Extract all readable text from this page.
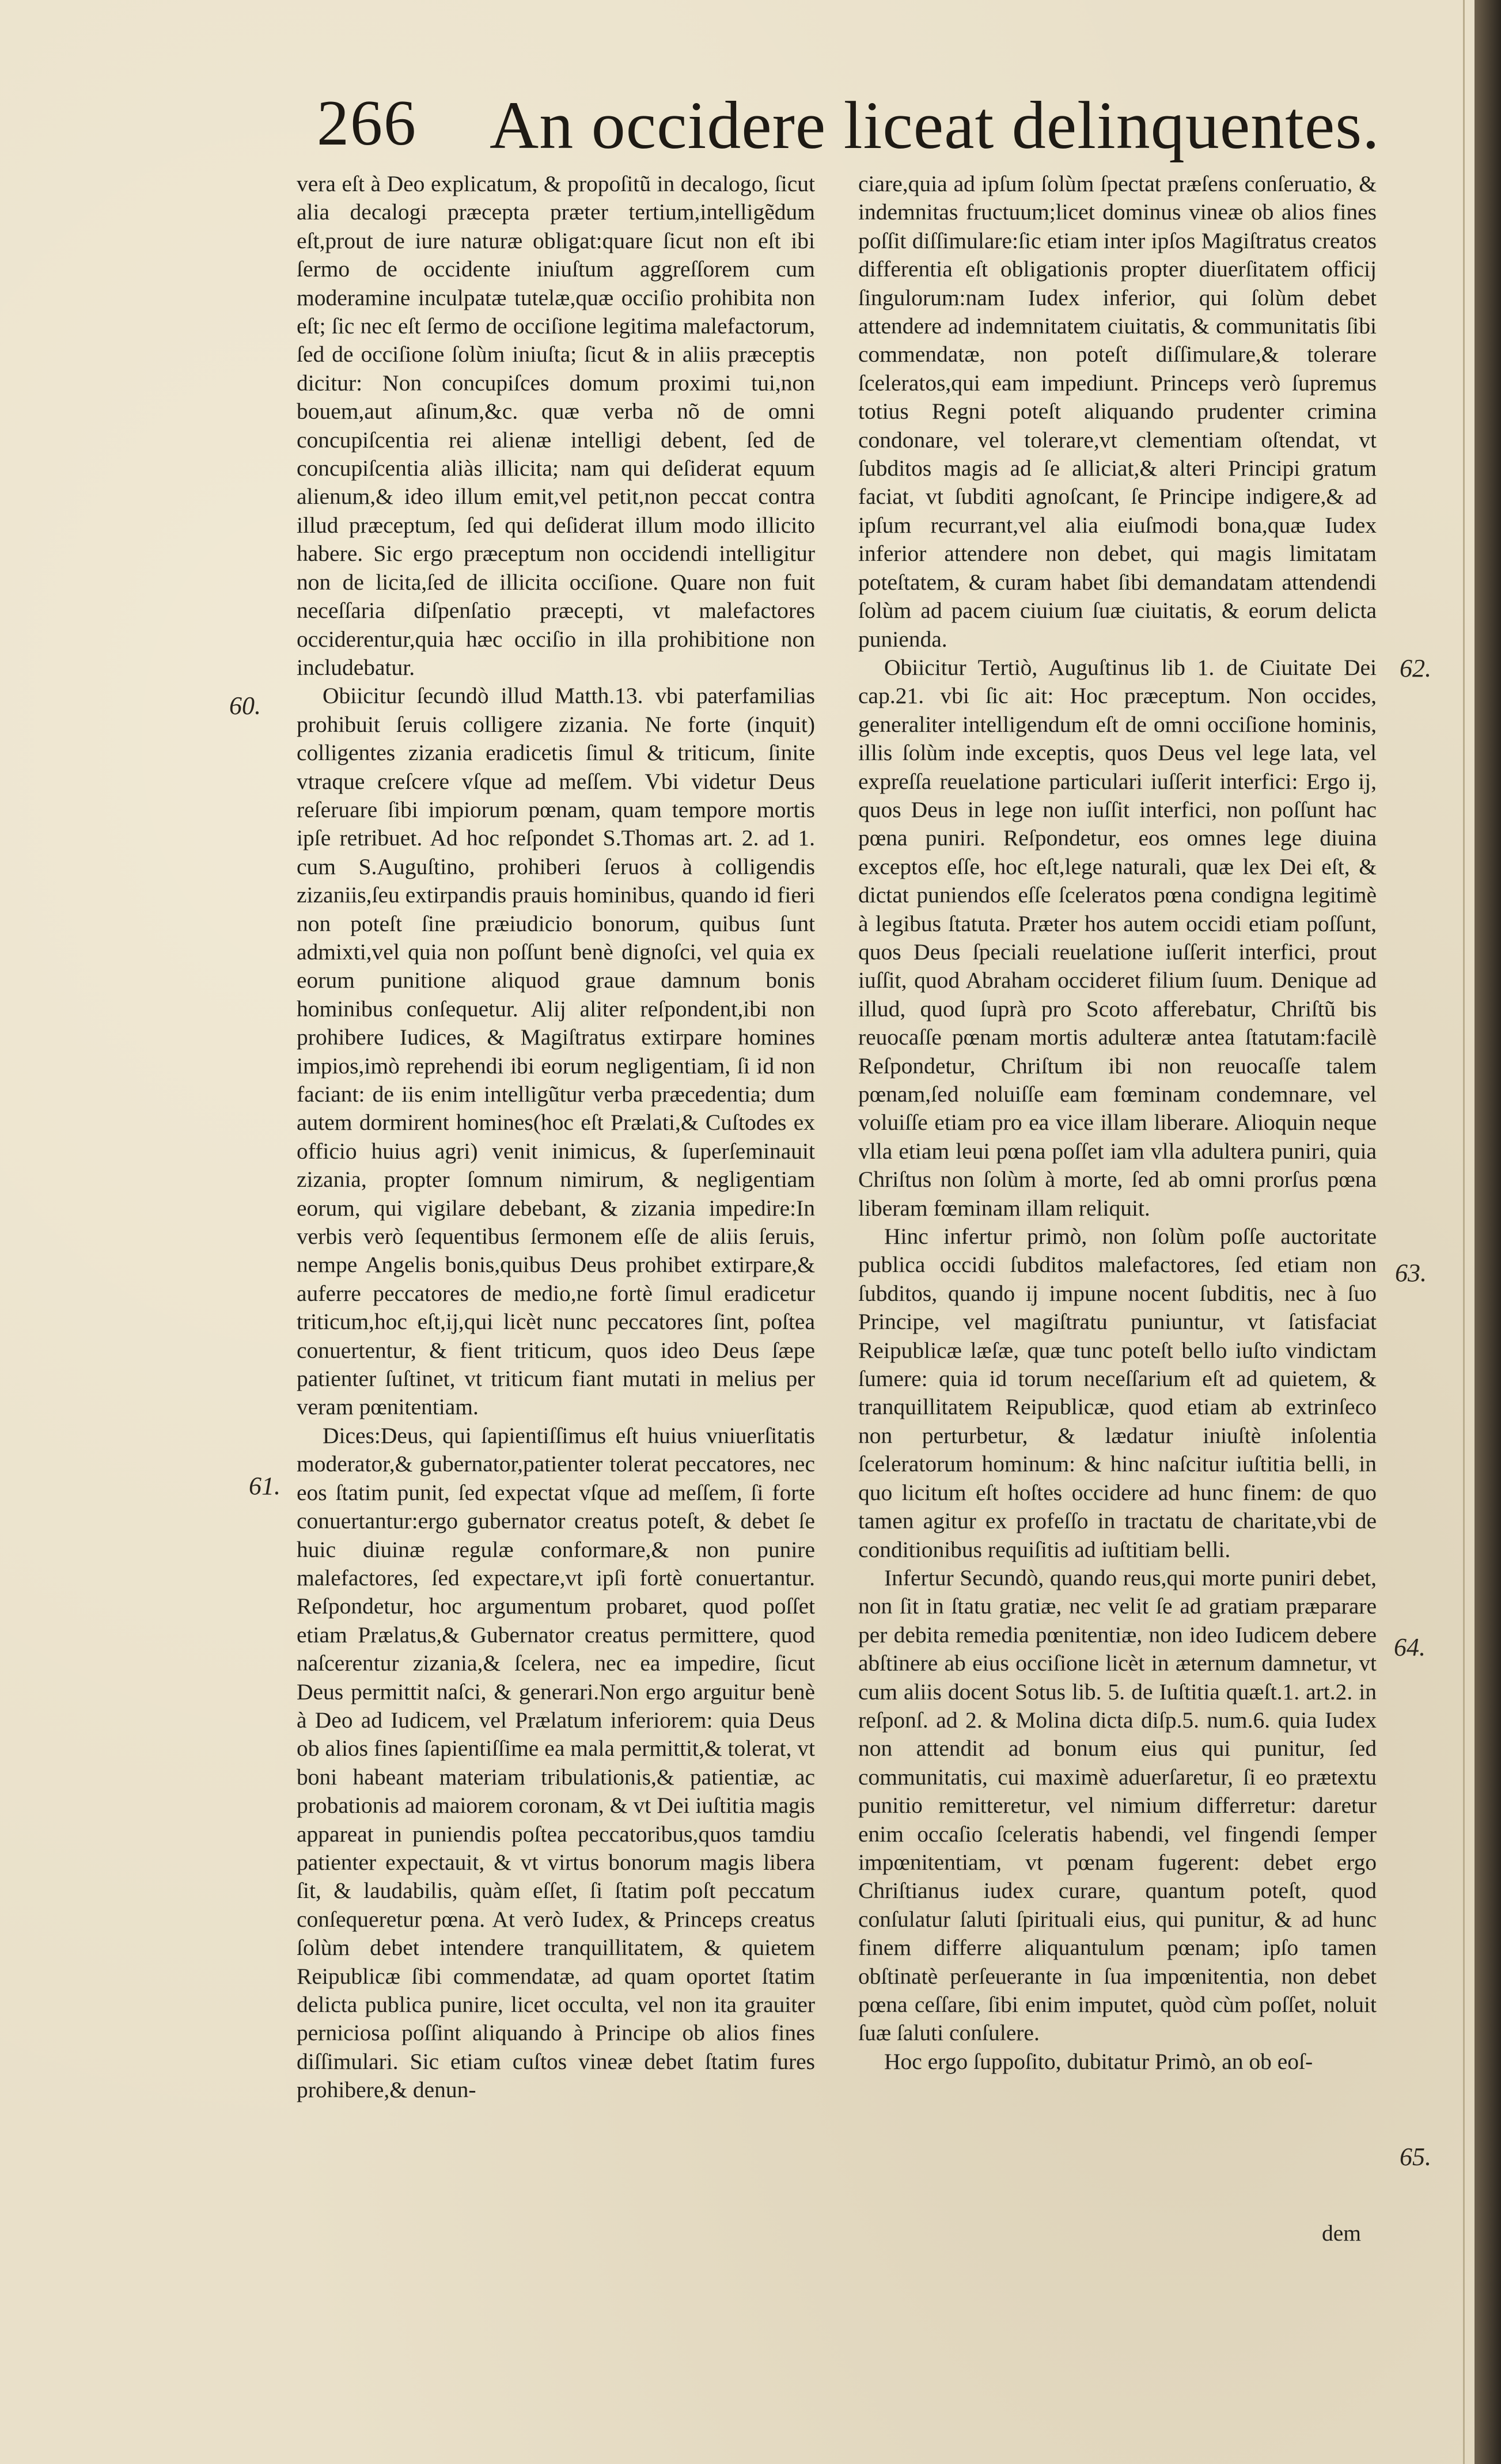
266 An occidere liceat delinquentes.

vera eſt à Deo explicatum, & propoſitũ in decalogo, ſicut alia decalogi præcepta præter tertium,intelligẽdum eſt,prout de iure naturæ obligat:quare ſicut non eſt ibi ſermo de occidente iniuſtum aggreſſorem cum moderamine inculpatæ tutelæ,quæ occiſio prohibita non eſt; ſic nec eſt ſermo de occiſione legitima malefactorum, ſed de occiſione ſolùm iniuſta; ſicut & in aliis præceptis dicitur: Non concupiſces domum proximi tui,non bouem,aut aſinum,&c. quæ verba nõ de omni concupiſcentia rei alienæ intelligi debent, ſed de concupiſcentia aliàs illicita; nam qui deſiderat equum alienum,& ideo illum emit,vel petit,non peccat contra illud præceptum, ſed qui deſiderat illum modo illicito habere. Sic ergo præceptum non occidendi intelligitur non de licita,ſed de illicita occiſione. Quare non fuit neceſſaria diſpenſatio præcepti, vt malefactores occiderentur,quia hæc occiſio in illa prohibitione non includebatur.

Obiicitur ſecundò illud Matth.13. vbi paterfamilias prohibuit ſeruis colligere zizania. Ne forte (inquit) colligentes zizania eradicetis ſimul & triticum, ſinite vtraque creſcere vſque ad meſſem. Vbi videtur Deus reſeruare ſibi impiorum pœnam, quam tempore mortis ipſe retribuet. Ad hoc reſpondet S.Thomas art. 2. ad 1. cum S.Auguſtino, prohiberi ſeruos à colligendis zizaniis,ſeu extirpandis prauis hominibus, quando id fieri non poteſt ſine præiudicio bonorum, quibus ſunt admixti,vel quia non poſſunt benè dignoſci, vel quia ex eorum punitione aliquod graue damnum bonis hominibus conſequetur. Alij aliter reſpondent,ibi non prohibere Iudices, & Magiſtratus extirpare homines impios,imò reprehendi ibi eorum negligentiam, ſi id non faciant: de iis enim intelligũtur verba præcedentia; dum autem dormirent homines(hoc eſt Prælati,& Cuſtodes ex officio huius agri) venit inimicus, & ſuperſeminauit zizania, propter ſomnum nimirum, & negligentiam eorum, qui vigilare debebant, & zizania impedire:In verbis verò ſequentibus ſermonem eſſe de aliis ſeruis, nempe Angelis bonis,quibus Deus prohibet extirpare,& auferre peccatores de medio,ne fortè ſimul eradicetur triticum,hoc eſt,ij,qui licèt nunc peccatores ſint, poſtea conuertentur, & fient triticum, quos ideo Deus ſæpe patienter ſuſtinet, vt triticum fiant mutati in melius per veram pœnitentiam.

Dices:Deus, qui ſapientiſſimus eſt huius vniuerſitatis moderator,& gubernator,patienter tolerat peccatores, nec eos ſtatim punit, ſed expectat vſque ad meſſem, ſi forte conuertantur:ergo gubernator creatus poteſt, & debet ſe huic diuinæ regulæ conformare,& non punire malefactores, ſed expectare,vt ipſi fortè conuertantur. Reſpondetur, hoc argumentum probaret, quod poſſet etiam Prælatus,& Gubernator creatus permittere, quod naſcerentur zizania,& ſcelera, nec ea impedire, ſicut Deus permittit naſci, & generari.Non ergo arguitur benè à Deo ad Iudicem, vel Prælatum inferiorem: quia Deus ob alios fines ſapientiſſime ea mala permittit,& tolerat, vt boni habeant materiam tribulationis,& patientiæ, ac probationis ad maiorem coronam, & vt Dei iuſtitia magis appareat in puniendis poſtea peccatoribus,quos tamdiu patienter expectauit, & vt virtus bonorum magis libera ſit, & laudabilis, quàm eſſet, ſi ſtatim poſt peccatum conſequeretur pœna. At verò Iudex, & Princeps creatus ſolùm debet intendere tranquillitatem, & quietem Reipublicæ ſibi commendatæ, ad quam oportet ſtatim delicta publica punire, licet occulta, vel non ita grauiter perniciosa poſſint aliquando à Principe ob alios fines diſſimulari. Sic etiam cuſtos vineæ debet ſtatim fures prohibere,& denun-

ciare,quia ad ipſum ſolùm ſpectat præſens conſeruatio, & indemnitas fructuum;licet dominus vineæ ob alios fines poſſit diſſimulare:ſic etiam inter ipſos Magiſtratus creatos differentia eſt obligationis propter diuerſitatem officij ſingulorum:nam Iudex inferior, qui ſolùm debet attendere ad indemnitatem ciuitatis, & communitatis ſibi commendatæ, non poteſt diſſimulare,& tolerare ſceleratos,qui eam impediunt. Princeps verò ſupremus totius Regni poteſt aliquando prudenter crimina condonare, vel tolerare,vt clementiam oſtendat, vt ſubditos magis ad ſe alliciat,& alteri Principi gratum faciat, vt ſubditi agnoſcant, ſe Principe indigere,& ad ipſum recurrant,vel alia eiuſmodi bona,quæ Iudex inferior attendere non debet, qui magis limitatam poteſtatem, & curam habet ſibi demandatam attendendi ſolùm ad pacem ciuium ſuæ ciuitatis, & eorum delicta punienda.

Obiicitur Tertiò, Auguſtinus lib 1. de Ciuitate Dei cap.21. vbi ſic ait: Hoc præceptum. Non occides, generaliter intelligendum eſt de omni occiſione hominis, illis ſolùm inde exceptis, quos Deus vel lege lata, vel expreſſa reuelatione particulari iuſſerit interfici: Ergo ij, quos Deus in lege non iuſſit interfici, non poſſunt hac pœna puniri. Reſpondetur, eos omnes lege diuina exceptos eſſe, hoc eſt,lege naturali, quæ lex Dei eſt, & dictat puniendos eſſe ſceleratos pœna condigna legitimè à legibus ſtatuta. Præter hos autem occidi etiam poſſunt, quos Deus ſpeciali reuelatione iuſſerit interfici, prout iuſſit, quod Abraham occideret filium ſuum. Denique ad illud, quod ſuprà pro Scoto afferebatur, Chriſtũ bis reuocaſſe pœnam mortis adulteræ antea ſtatutam:facilè Reſpondetur, Chriſtum ibi non reuocaſſe talem pœnam,ſed noluiſſe eam fœminam condemnare, vel voluiſſe etiam pro ea vice illam liberare. Alioquin neque vlla etiam leui pœna poſſet iam vlla adultera puniri, quia Chriſtus non ſolùm à morte, ſed ab omni prorſus pœna liberam fœminam illam reliquit.

Hinc infertur primò, non ſolùm poſſe auctoritate publica occidi ſubditos malefactores, ſed etiam non ſubditos, quando ij impune nocent ſubditis, nec à ſuo Principe, vel magiſtratu puniuntur, vt ſatisfaciat Reipublicæ læſæ, quæ tunc poteſt bello iuſto vindictam ſumere: quia id torum neceſſarium eſt ad quietem, & tranquillitatem Reipublicæ, quod etiam ab extrinſeco non perturbetur, & lædatur iniuſtè inſolentia ſceleratorum hominum: & hinc naſcitur iuſtitia belli, in quo licitum eſt hoſtes occidere ad hunc finem: de quo tamen agitur ex profeſſo in tractatu de charitate,vbi de conditionibus requiſitis ad iuſtitiam belli.

Infertur Secundò, quando reus,qui morte puniri debet, non ſit in ſtatu gratiæ, nec velit ſe ad gratiam præparare per debita remedia pœnitentiæ, non ideo Iudicem debere abſtinere ab eius occiſione licèt in æternum damnetur, vt cum aliis docent Sotus lib. 5. de Iuſtitia quæſt.1. art.2. in reſponſ. ad 2. & Molina dicta diſp.5. num.6. quia Iudex non attendit ad bonum eius qui punitur, ſed communitatis, cui maximè aduerſaretur, ſi eo prætextu punitio remitteretur, vel nimium differretur: daretur enim occaſio ſceleratis habendi, vel fingendi ſemper impœnitentiam, vt pœnam fugerent: debet ergo Chriſtianus iudex curare, quantum poteſt, quod conſulatur ſaluti ſpirituali eius, qui punitur, & ad hunc finem differre aliquantulum pœnam; ipſo tamen obſtinatè perſeuerante in ſua impœnitentia, non debet pœna ceſſare, ſibi enim imputet, quòd cùm poſſet, noluit ſuæ ſaluti conſulere.

Hoc ergo ſuppoſito, dubitatur Primò, an ob eoſ-

60.
61.
62.
63.
64.
65.
dem
